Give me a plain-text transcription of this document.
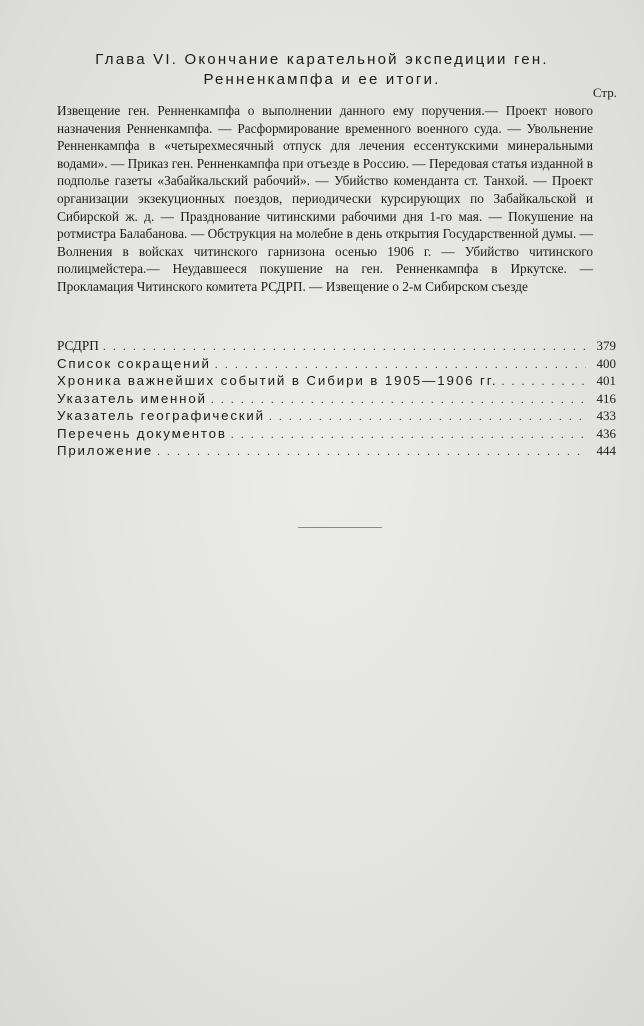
Глава VI. Окончание карательной экспедиции ген.
Ренненкампфа и ее итоги.
Стр.

Извещение ген. Ренненкампфа о выполнении данного ему поручения.— Проект нового назначения Ренненкампфа. — Расформирование временного военного суда. — Увольнение Ренненкампфа в «четырехмесячный отпуск для лечения ессентукскими минеральными водами». — Приказ ген. Ренненкампфа при отъезде в Россию. — Передовая статья изданной в подполье газеты «Забайкальский рабочий». — Убийство коменданта ст. Танхой. — Проект организации экзекуционных поездов, периодически курсирующих по Забайкальской и Сибирской ж. д. — Празднование читинскими рабочими дня 1-го мая. — Покушение на ротмистра Балабанова. — Обструкция на молебне в день открытия Государственной думы. — Волнения в войсках читинского гарнизона осенью 1906 г. — Убийство читинского полицмейстера.— Неудавшееся покушение на ген. Ренненкампфа в Иркутске. — Прокламация Читинского комитета РСДРП. — Извещение о 2-м Сибирском съезде

РСДРП . . .	379
Список сокращений . . .	400
Хроника важнейших событий в Сибири в 1905—1906 гг. . . .	401
Указатель именной . . .	416
Указатель географический . . .	433
Перечень документов . . .	436
Приложение . . .	444
